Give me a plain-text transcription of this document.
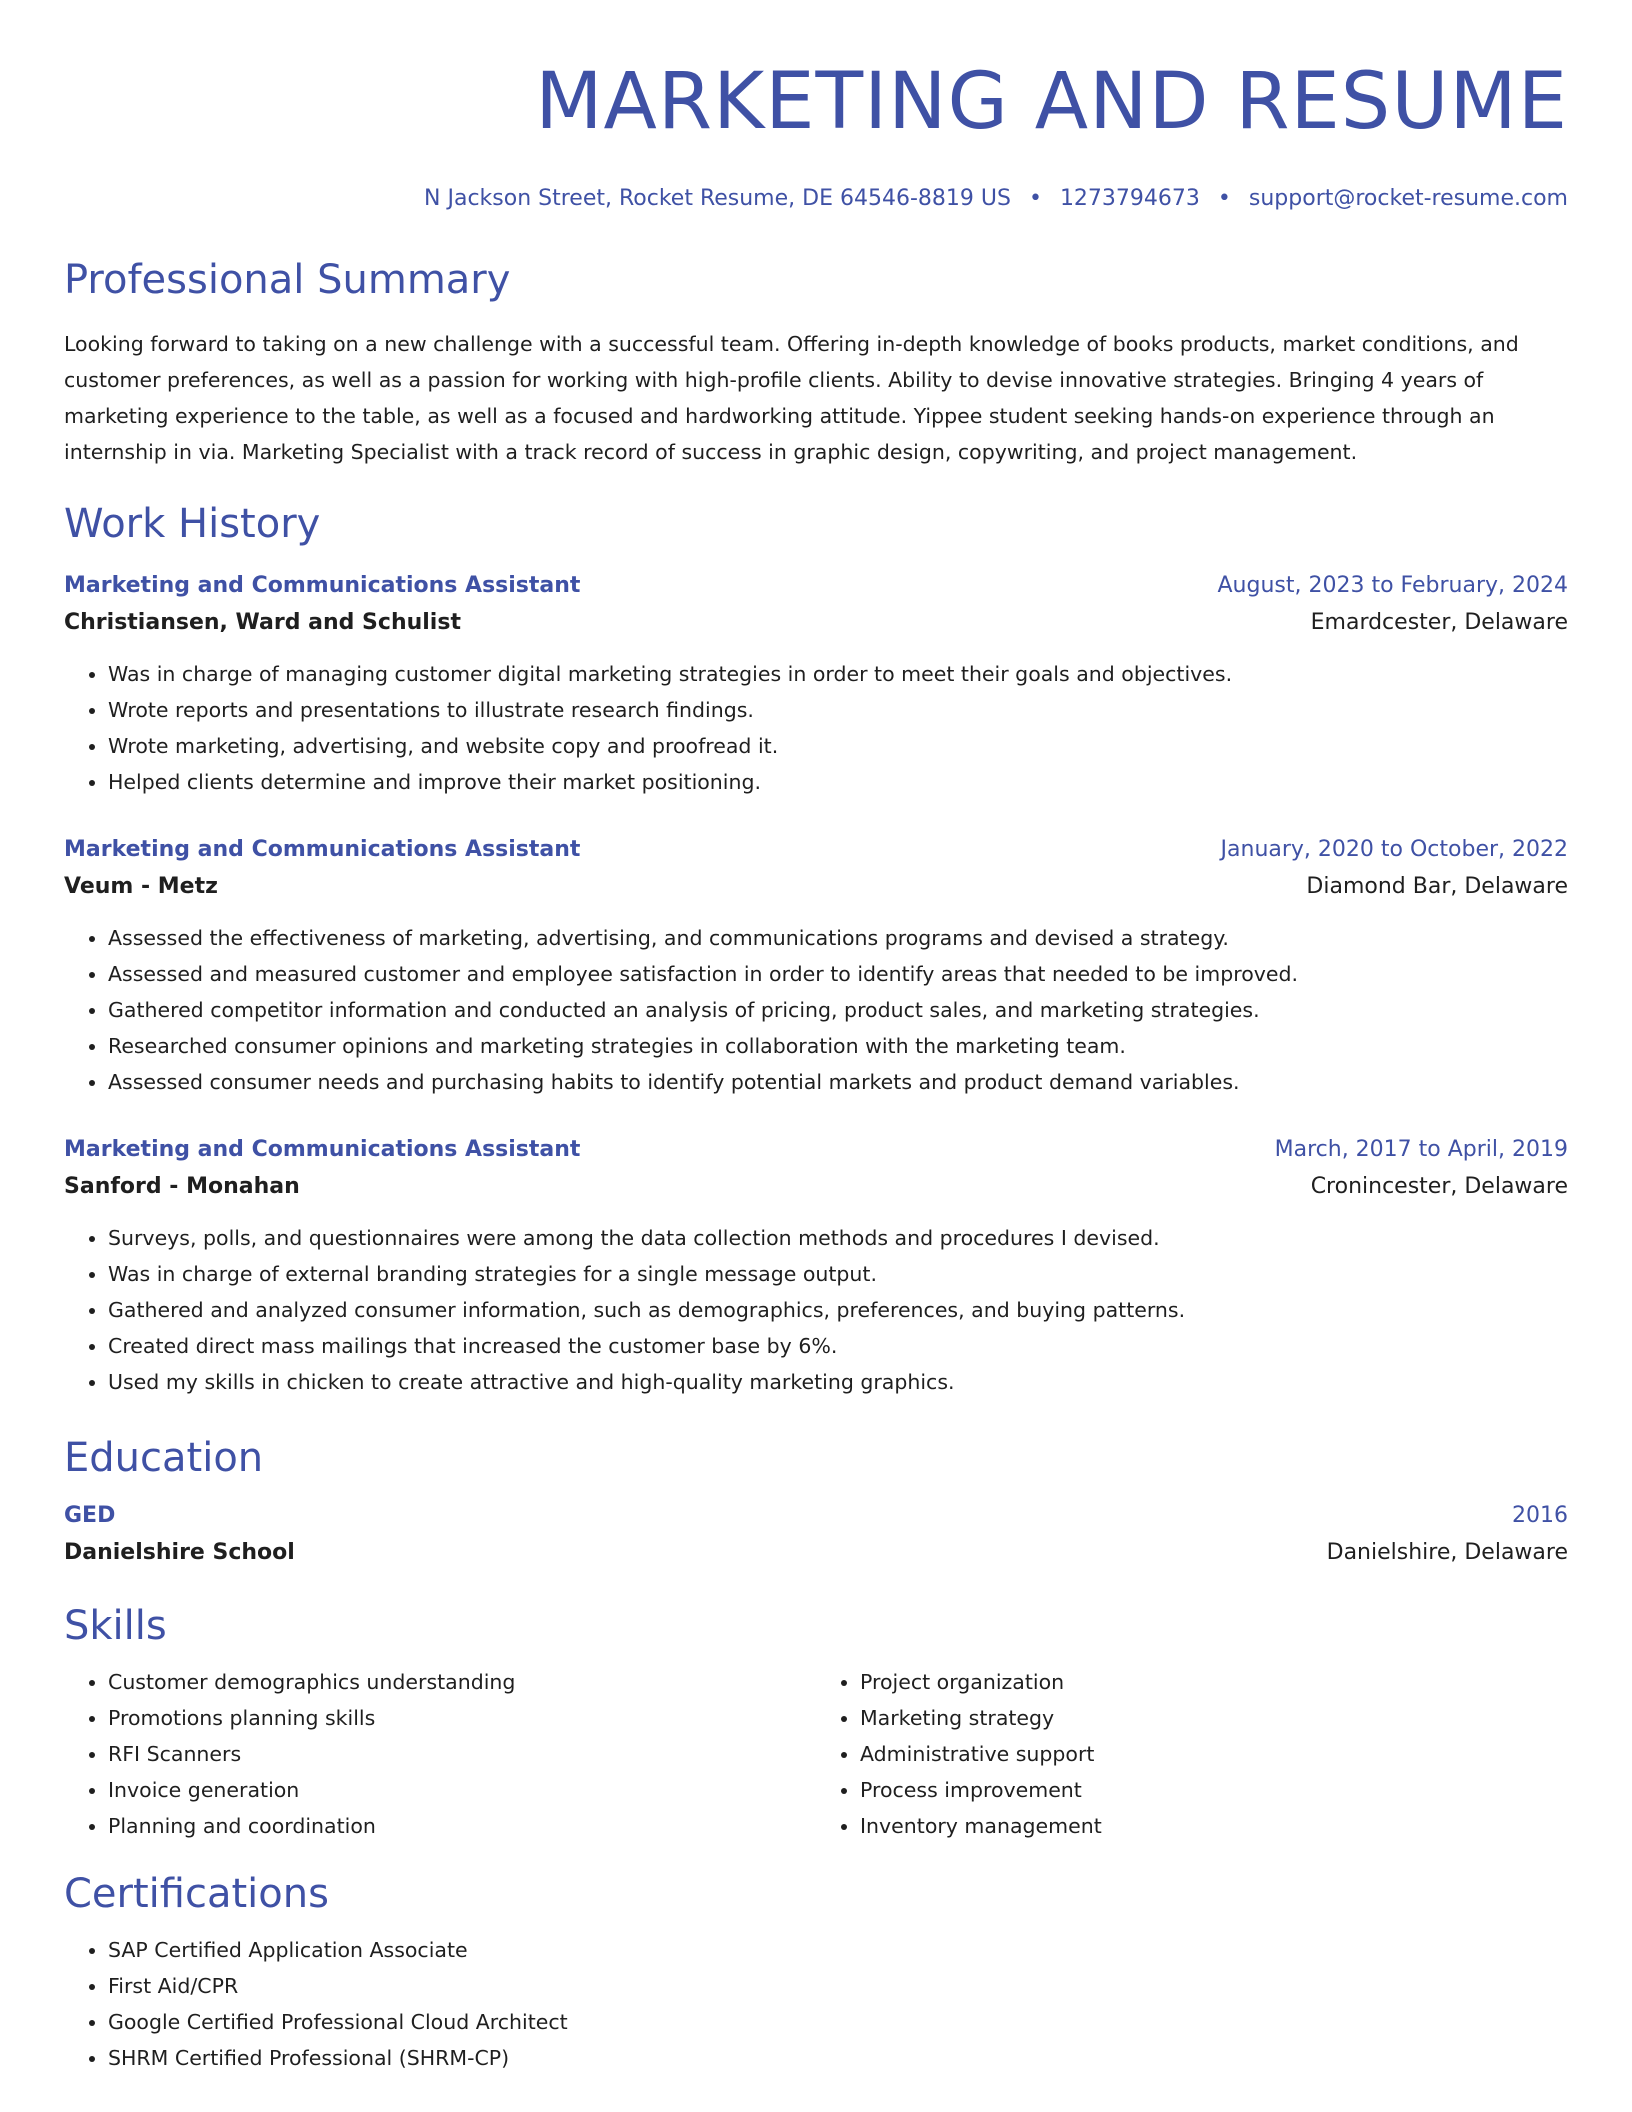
MARKETING AND RESUME
N Jackson Street, Rocket Resume, DE 64546-8819 US • 1273794673 • support@rocket-resume.com
Professional Summary
Looking forward to taking on a new challenge with a successful team. Offering in-depth knowledge of books products, market conditions, and customer preferences, as well as a passion for working with high-profile clients. Ability to devise innovative strategies. Bringing 4 years of marketing experience to the table, as well as a focused and hardworking attitude. Yippee student seeking hands-on experience through an internship in via. Marketing Specialist with a track record of success in graphic design, copywriting, and project management.
Work History
Marketing and Communications Assistant	August, 2023 to February, 2024
Christiansen, Ward and Schulist	Emardcester, Delaware
• Was in charge of managing customer digital marketing strategies in order to meet their goals and objectives.
• Wrote reports and presentations to illustrate research findings.
• Wrote marketing, advertising, and website copy and proofread it.
• Helped clients determine and improve their market positioning.
Marketing and Communications Assistant	January, 2020 to October, 2022
Veum - Metz	Diamond Bar, Delaware
• Assessed the effectiveness of marketing, advertising, and communications programs and devised a strategy.
• Assessed and measured customer and employee satisfaction in order to identify areas that needed to be improved.
• Gathered competitor information and conducted an analysis of pricing, product sales, and marketing strategies.
• Researched consumer opinions and marketing strategies in collaboration with the marketing team.
• Assessed consumer needs and purchasing habits to identify potential markets and product demand variables.
Marketing and Communications Assistant	March, 2017 to April, 2019
Sanford - Monahan	Cronincester, Delaware
• Surveys, polls, and questionnaires were among the data collection methods and procedures I devised.
• Was in charge of external branding strategies for a single message output.
• Gathered and analyzed consumer information, such as demographics, preferences, and buying patterns.
• Created direct mass mailings that increased the customer base by 6%.
• Used my skills in chicken to create attractive and high-quality marketing graphics.
Education
GED	2016
Danielshire School	Danielshire, Delaware
Skills
• Customer demographics understanding
• Promotions planning skills
• RFI Scanners
• Invoice generation
• Planning and coordination
• Project organization
• Marketing strategy
• Administrative support
• Process improvement
• Inventory management
Certifications
• SAP Certified Application Associate
• First Aid/CPR
• Google Certified Professional Cloud Architect
• SHRM Certified Professional (SHRM-CP)
